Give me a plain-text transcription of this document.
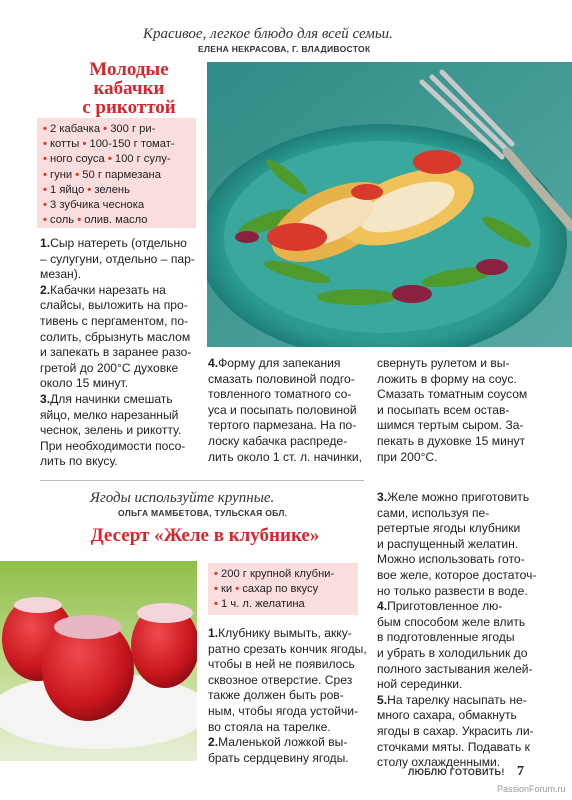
Красивое, легкое блюдо для всей семьи.
ЕЛЕНА НЕКРАСОВА, Г. ВЛАДИВОСТОК
Молодые
кабачки
с рикоттой
• 2 кабачка • 300 г ри-
• котты • 100-150 г томат-
• ного соуса • 100 г сулу-
• гуни • 50 г пармезана
• 1 яйцо • зелень
• 3 зубчика чеснока
• соль • олив. масло
1.Сыр натереть (отдельно
– сулугуни, отдельно – пар-
мезан).
2.Кабачки нарезать на
слайсы, выложить на про-
тивень с пергаментом, по-
солить, сбрызнуть маслом
и запекать в заранее разо-
гретой до 200°С духовке
около 15 минут.
3.Для начинки смешать
яйцо, мелко нарезанный
чеснок, зелень и рикотту.
При необходимости посо-
лить по вкусу.
4.Форму для запекания
смазать половиной подго-
товленного томатного со-
уса и посыпать половиной
тертого пармезана. На по-
лоску кабачка распреде-
лить около 1 ст. л. начинки,
свернуть рулетом и вы-
ложить в форму на соус.
Смазать томатным соусом
и посыпать всем остав-
шимся тертым сыром. За-
пекать в духовке 15 минут
при 200°С.
Ягоды используйте крупные.
ОЛЬГА МАМБЕТОВА, ТУЛЬСКАЯ ОБЛ.
Десерт «Желе в клубнике»
• 200 г крупной клубни-
• ки • сахар по вкусу
• 1 ч. л. желатина
1.Клубнику вымыть, акку-
ратно срезать кончик ягоды,
чтобы в ней не появилось
сквозное отверстие. Срез
также должен быть ров-
ным, чтобы ягода устойчи-
во стояла на тарелке.
2.Маленькой ложкой вы-
брать сердцевину ягоды.
3.Желе можно приготовить
сами, используя пе-
ретертые ягоды клубники
и распущенный желатин.
Можно использовать гото-
вое желе, которое достаточ-
но только развести в воде.
4.Приготовленное лю-
бым способом желе влить
в подготовленные ягоды
и убрать в холодильник до
полного застывания желей-
ной серединки.
5.На тарелку насыпать не-
много сахара, обмакнуть
ягоды в сахар. Украсить ли-
сточками мяты. Подавать к
столу охлажденными.
ЛЮБЛЮ ГОТОВИТЬ! 7
PassionForum.ru
